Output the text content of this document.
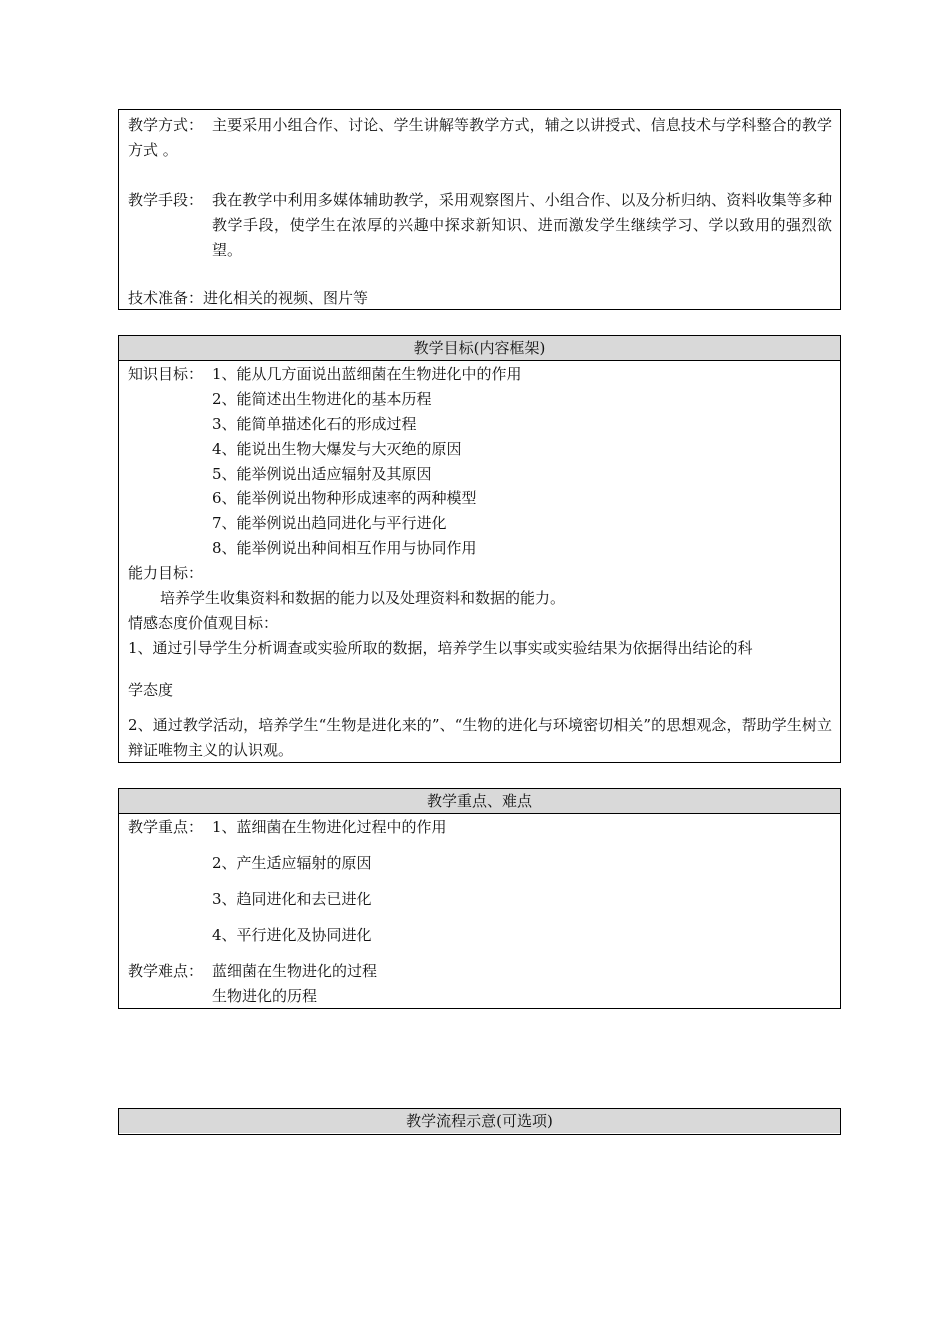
教学方式： 主要采用小组合作、讨论、学生讲解等教学方式，辅之以讲授式、信息技术与学科整合的教学方式 。
教学手段： 我在教学中利用多媒体辅助教学，采用观察图片、小组合作、以及分析归纳、资料收集等多种教学手段，使学生在浓厚的兴趣中探求新知识、进而激发学生继续学习、学以致用的强烈欲望。
技术准备：进化相关的视频、图片等
教学目标(内容框架)
知识目标： 1、能从几方面说出蓝细菌在生物进化中的作用
2、能简述出生物进化的基本历程
3、能简单描述化石的形成过程
4、能说出生物大爆发与大灭绝的原因
5、能举例说出适应辐射及其原因
6、能举例说出物种形成速率的两种模型
7、能举例说出趋同进化与平行进化
8、能举例说出种间相互作用与协同作用
能力目标：
培养学生收集资料和数据的能力以及处理资料和数据的能力。
情感态度价值观目标：
1、通过引导学生分析调查或实验所取的数据，培养学生以事实或实验结果为依据得出结论的科
学态度
2、通过教学活动，培养学生“生物是进化来的”、“生物的进化与环境密切相关”的思想观念，帮助学生树立辩证唯物主义的认识观。
教学重点、难点
教学重点： 1、蓝细菌在生物进化过程中的作用
2、产生适应辐射的原因
3、趋同进化和去已进化
4、平行进化及协同进化
教学难点： 蓝细菌在生物进化的过程
生物进化的历程
教学流程示意(可选项)
